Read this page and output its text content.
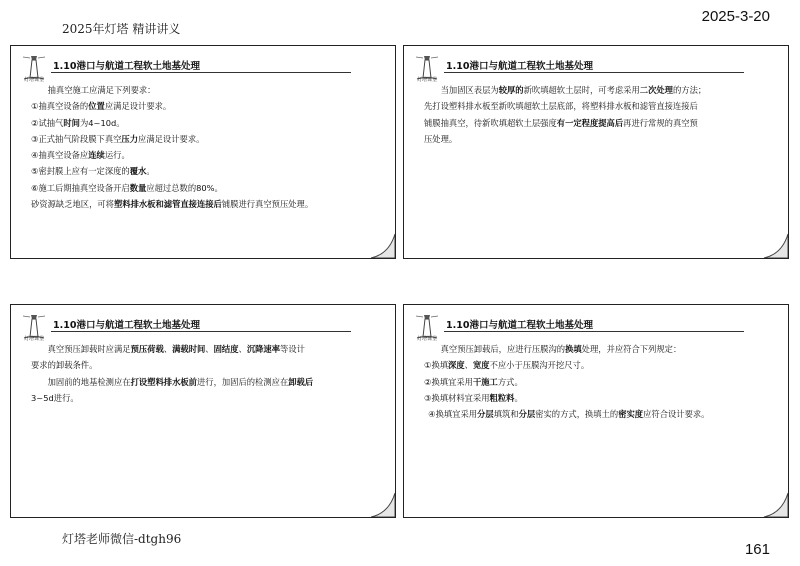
2025年灯塔 精讲讲义
2025-3-20
灯塔课堂
1.10港口与航道工程软土地基处理

抽真空施工应满足下列要求：

①抽真空设备的位置应满足设计要求。

②试抽气时间为4~10d。

③正式抽气阶段膜下真空压力应满足设计要求。

④抽真空设备应连续运行。

⑤密封膜上应有一定深度的覆水。

⑥施工后期抽真空设备开启数量应超过总数的80%。

砂资源缺乏地区，可将塑料排水板和滤管直接连接后铺膜进行真空预压处理。

灯塔课堂
1.10港口与航道工程软土地基处理

当加固区表层为较厚的新吹填超软土层时，可考虑采用二次处理的方法；

先打设塑料排水板至新吹填超软土层底部，将塑料排水板和滤管直接连接后

铺膜抽真空，待新吹填超软土层强度有一定程度提高后再进行常规的真空预

压处理。

灯塔课堂
1.10港口与航道工程软土地基处理

真空预压卸载时应满足预压荷载、满载时间、固结度、沉降速率等设计

要求的卸载条件。

加固前的地基检测应在打设塑料排水板前进行，加固后的检测应在卸载后

3~5d进行。

灯塔课堂
1.10港口与航道工程软土地基处理

真空预压卸载后，应进行压膜沟的换填处理，并应符合下列规定：

①换填深度、宽度不应小于压膜沟开挖尺寸。

②换填宜采用干施工方式。

③换填材料宜采用粗粒料。

④换填宜采用分层填筑和分层密实的方式，换填土的密实度应符合设计要求。

灯塔老师微信-dtgh96
161
